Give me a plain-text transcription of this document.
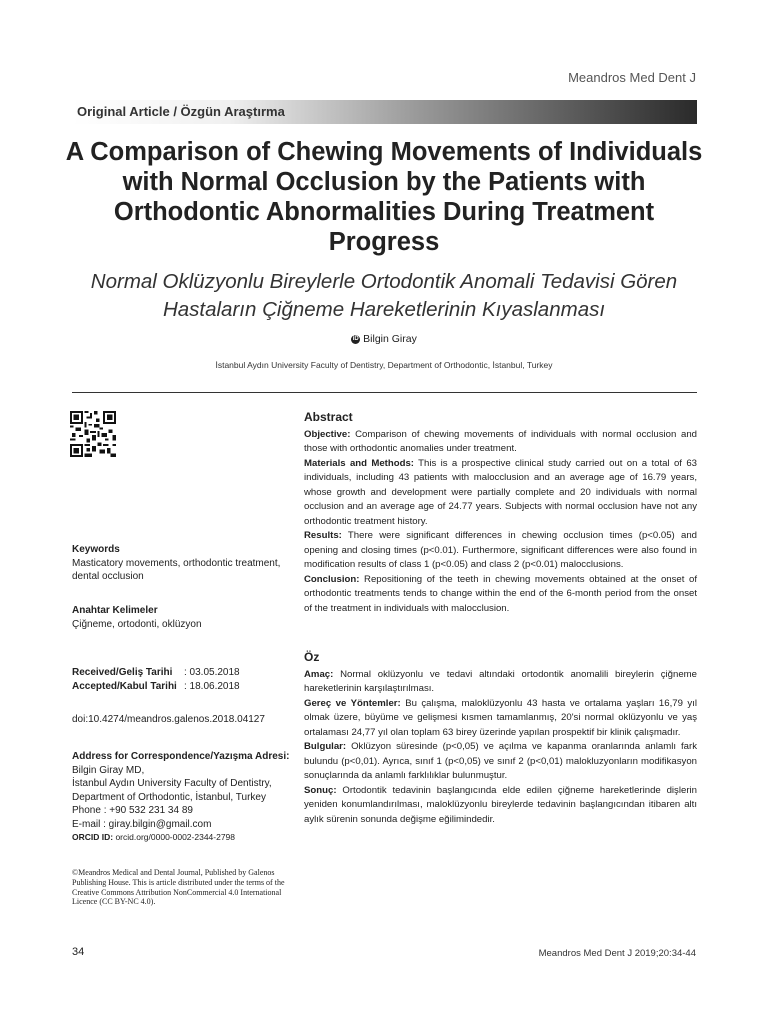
Meandros Med Dent J
Original Article / Özgün Araştırma
A Comparison of Chewing Movements of Individuals with Normal Occlusion by the Patients with Orthodontic Abnormalities During Treatment Progress
Normal Oklüzyonlu Bireylerle Ortodontik Anomali Tedavisi Gören Hastaların Çiğneme Hareketlerinin Kıyaslanması
iD Bilgin Giray
İstanbul Aydın University Faculty of Dentistry, Department of Orthodontic, İstanbul, Turkey
Keywords
Masticatory movements, orthodontic treatment, dental occlusion
Anahtar Kelimeler
Çiğneme, ortodonti, oklüzyon
Received/Geliş Tarihi	: 03.05.2018
Accepted/Kabul Tarihi : 18.06.2018
doi:10.4274/meandros.galenos.2018.04127
Address for Correspondence/Yazışma Adresi:
Bilgin Giray MD,
İstanbul Aydın University Faculty of Dentistry,
Department of Orthodontic, İstanbul, Turkey
Phone : +90 532 231 34 89
E-mail : giray.bilgin@gmail.com
ORCID ID: orcid.org/0000-0002-2344-2798
©Meandros Medical and Dental Journal, Published by Galenos Publishing House. This is article distributed under the terms of the Creative Commons Attribution NonCommercial 4.0 International Licence (CC BY-NC 4.0).
Abstract

Objective: Comparison of chewing movements of individuals with normal occlusion and those with orthodontic anomalies under treatment.

Materials and Methods: This is a prospective clinical study carried out on a total of 63 individuals, including 43 patients with malocclusion and an average age of 16.79 years, whose growth and development were partially complete and 20 individuals with normal occlusion and an average age of 24.77 years. Subjects with normal occlusion have not any orthodontic treatment history.

Results: There were significant differences in chewing occlusion times (p<0.05) and opening and closing times (p<0.01). Furthermore, significant differences were also found in modification results of class 1 (p<0.05) and class 2 (p<0.01) malocclusions.

Conclusion: Repositioning of the teeth in chewing movements obtained at the onset of orthodontic treatments tends to change within the end of the 6-month period from the onset of the treatment in individuals with malocclusion.

Öz

Amaç: Normal oklüzyonlu ve tedavi altındaki ortodontik anomalili bireylerin çiğneme hareketlerinin karşılaştırılması.

Gereç ve Yöntemler: Bu çalışma, maloklüzyonlu 43 hasta ve ortalama yaşları 16,79 yıl olmak üzere, büyüme ve gelişmesi kısmen tamamlanmış, 20'si normal oklüzyonlu ve yaş ortalaması 24,77 yıl olan toplam 63 birey üzerinde yapılan prospektif bir klinik çalışmadır.

Bulgular: Oklüzyon süresinde (p<0,05) ve açılma ve kapanma oranlarında anlamlı fark bulundu (p<0,01). Ayrıca, sınıf 1 (p<0,05) ve sınıf 2 (p<0,01) malokluzyonların modifikasyon sonuçlarında da anlamlı farklılıklar bulunmuştur.

Sonuç: Ortodontik tedavinin başlangıcında elde edilen çiğneme hareketlerinde dişlerin yeniden konumlandırılması, maloklüzyonlu bireylerde tedavinin başlangıcından itibaren altı aylık sürenin sonunda değişme eğilimindedir.

34	Meandros Med Dent J 2019;20:34-44
